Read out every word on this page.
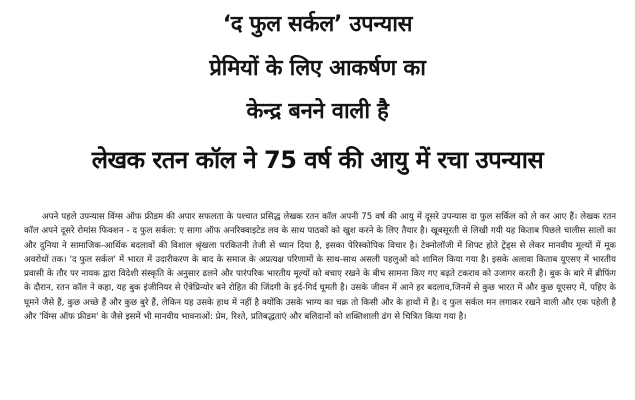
‘द फुल सर्कल’ उपन्यास
प्रेमियों के लिए आकर्षण का
केन्द्र बनने वाली है
लेखक रतन कॉल ने 75 वर्ष की आयु में रचा उपन्यास

अपने पहले उपन्यास विंग्स ऑफ फ्रीडम की अपार सफलता के पश्चात प्रसिद्ध लेखक रतन कॉल अपनी 75 वर्ष की आयु में दूसरे उपन्यास दा फुल सर्किल को ले कर आए हैं। लेखक रतन कॉल अपने दूसरे रोमांस फिक्शन - द फुल सर्कल: ए सागा ऑफ अनरिक्वाइटेड लव के साथ पाठकों को खुश करने के लिए तैयार है। खूबसूरती से लिखी गयी यह किताब पिछले चालीस सालों का और दुनिया ने सामाजिक-आर्थिक बदलावों की विशाल श्रृंखला परकितनी तेजी से ध्यान दिया है, इसका पेरिस्कोपिक विचार है। टेक्नोलॉजी में शिफ्ट होते ट्रेंड्स से लेकर मानवीय मूल्यों में मूक अवरोधों तक। 'द फुल सर्कल' में भारत में उदारीकरण के बाद के समाज के अप्रत्यक्ष परिणामों के साथ-साथ असली पहलुओं को शामिल किया गया है। इसके अलावा किताब यूएसए में भारतीय प्रवासी के तौर पर नायक द्वारा विदेशी संस्कृति के अनुसार ढलने और पारंपरिक भारतीय मूल्यों को बचाए रखने के बीच सामना किए गए बढ़ते टकराव को उजागर करती है। बुक के बारे में ब्रीफिंग के दौरान, रतन कॉल ने कहा, यह बुक इंजीनियर से ऐंत्रेप्रिन्योर बने रोहित की जिंदगी के इर्द-गिर्द घूमती है। उसके जीवन में आने हर बदलाव,जिनमें से कुछ भारत में और कुछ यूएसए में, पहिए के घूमने जैसे हैं, कुछ अच्छे हैं और कुछ बुरे हैं, लेकिन यह उसके हाथ में नहीं है क्योंकि उसके भाग्य का चक्र तो किसी और के हाथों में है। द फुल सर्कल मन लगाकर रखने वाली और एक पहेली है और 'विंग्स ऑफ फ्रीडम' के जैसे इसमें भी मानवीय भावनाओं: प्रेम, रिश्ते, प्रतिबद्धताएं और बलिदानों को शक्तिशाली ढंग से चित्रित किया गया है।
